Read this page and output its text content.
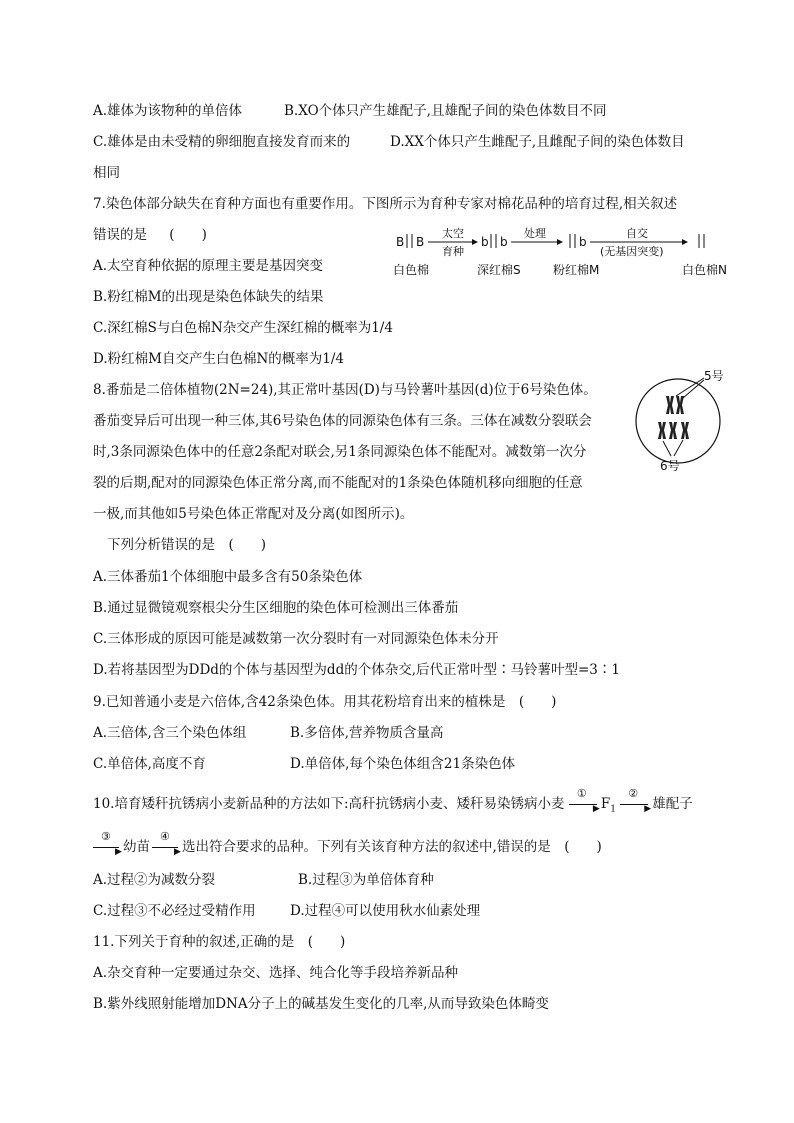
A.雄体为该物种的单倍体	B.XO个体只产生雄配子,且雄配子间的染色体数目不同
C.雄体是由未受精的卵细胞直接发育而来的	D.XX个体只产生雌配子,且雌配子间的染色体数目
相同
7.染色体部分缺失在育种方面也有重要作用。下图所示为育种专家对棉花品种的培育过程,相关叙述
错误的是 (　　)	B B
太空
育种
b b
处理
b
自交
(无基因突变)
白色棉	深红棉S	粉红棉M	白色棉N
A.太空育种依据的原理主要是基因突变
B.粉红棉M的出现是染色体缺失的结果
C.深红棉S与白色棉N杂交产生深红棉的概率为1/4
D.粉红棉M自交产生白色棉N的概率为1/4
8.番茄是二倍体植物(2N=24),其正常叶基因(D)与马铃薯叶基因(d)位于6号染色体。
番茄变异后可出现一种三体,其6号染色体的同源染色体有三条。三体在减数分裂联会
时,3条同源染色体中的任意2条配对联会,另1条同源染色体不能配对。减数第一次分
裂的后期,配对的同源染色体正常分离,而不能配对的1条染色体随机移向细胞的任意
一极,而其他如5号染色体正常配对及分离(如图所示)。
下列分析错误的是　(　　)
5号
6号
A.三体番茄1个体细胞中最多含有50条染色体
B.通过显微镜观察根尖分生区细胞的染色体可检测出三体番茄
C.三体形成的原因可能是减数第一次分裂时有一对同源染色体未分开
D.若将基因型为DDd的个体与基因型为dd的个体杂交,后代正常叶型∶马铃薯叶型=3∶1
9.已知普通小麦是六倍体,含42条染色体。用其花粉培育出来的植株是　(　　)
A.三倍体,含三个染色体组	B.多倍体,营养物质含量高
C.单倍体,高度不育	D.单倍体,每个染色体组含21条染色体
10.培育矮秆抗锈病小麦新品种的方法如下:高秆抗锈病小麦、矮秆易染锈病小麦
①
▶ $F_1$
②
▶ 雄配子
③
▶ 幼苗
④
▶ 选出符合要求的品种。下列有关该育种方法的叙述中,错误的是　(　　)
A.过程②为减数分裂	B.过程③为单倍体育种
C.过程③不必经过受精作用	D.过程④可以使用秋水仙素处理
11.下列关于育种的叙述,正确的是　(　　)
A.杂交育种一定要通过杂交、选择、纯合化等手段培养新品种
B.紫外线照射能增加DNA分子上的碱基发生变化的几率,从而导致染色体畸变
